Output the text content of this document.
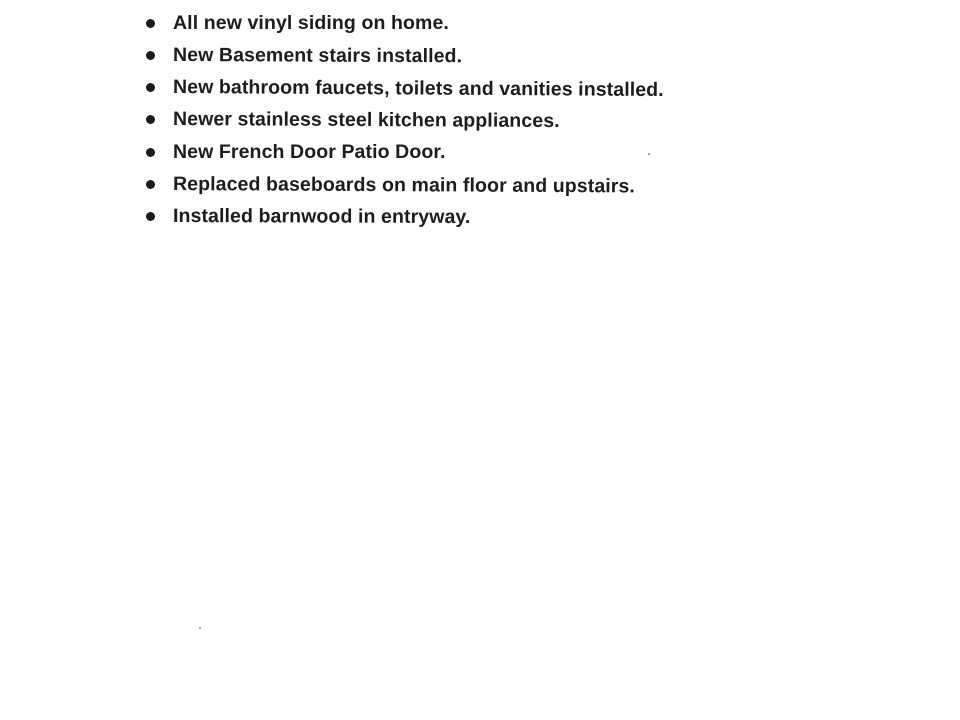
All new vinyl siding on home.
New Basement stairs installed.
New bathroom faucets, toilets and vanities installed.
Newer stainless steel kitchen appliances.
New French Door Patio Door.
Replaced baseboards on main floor and upstairs.
Installed barnwood in entryway.
